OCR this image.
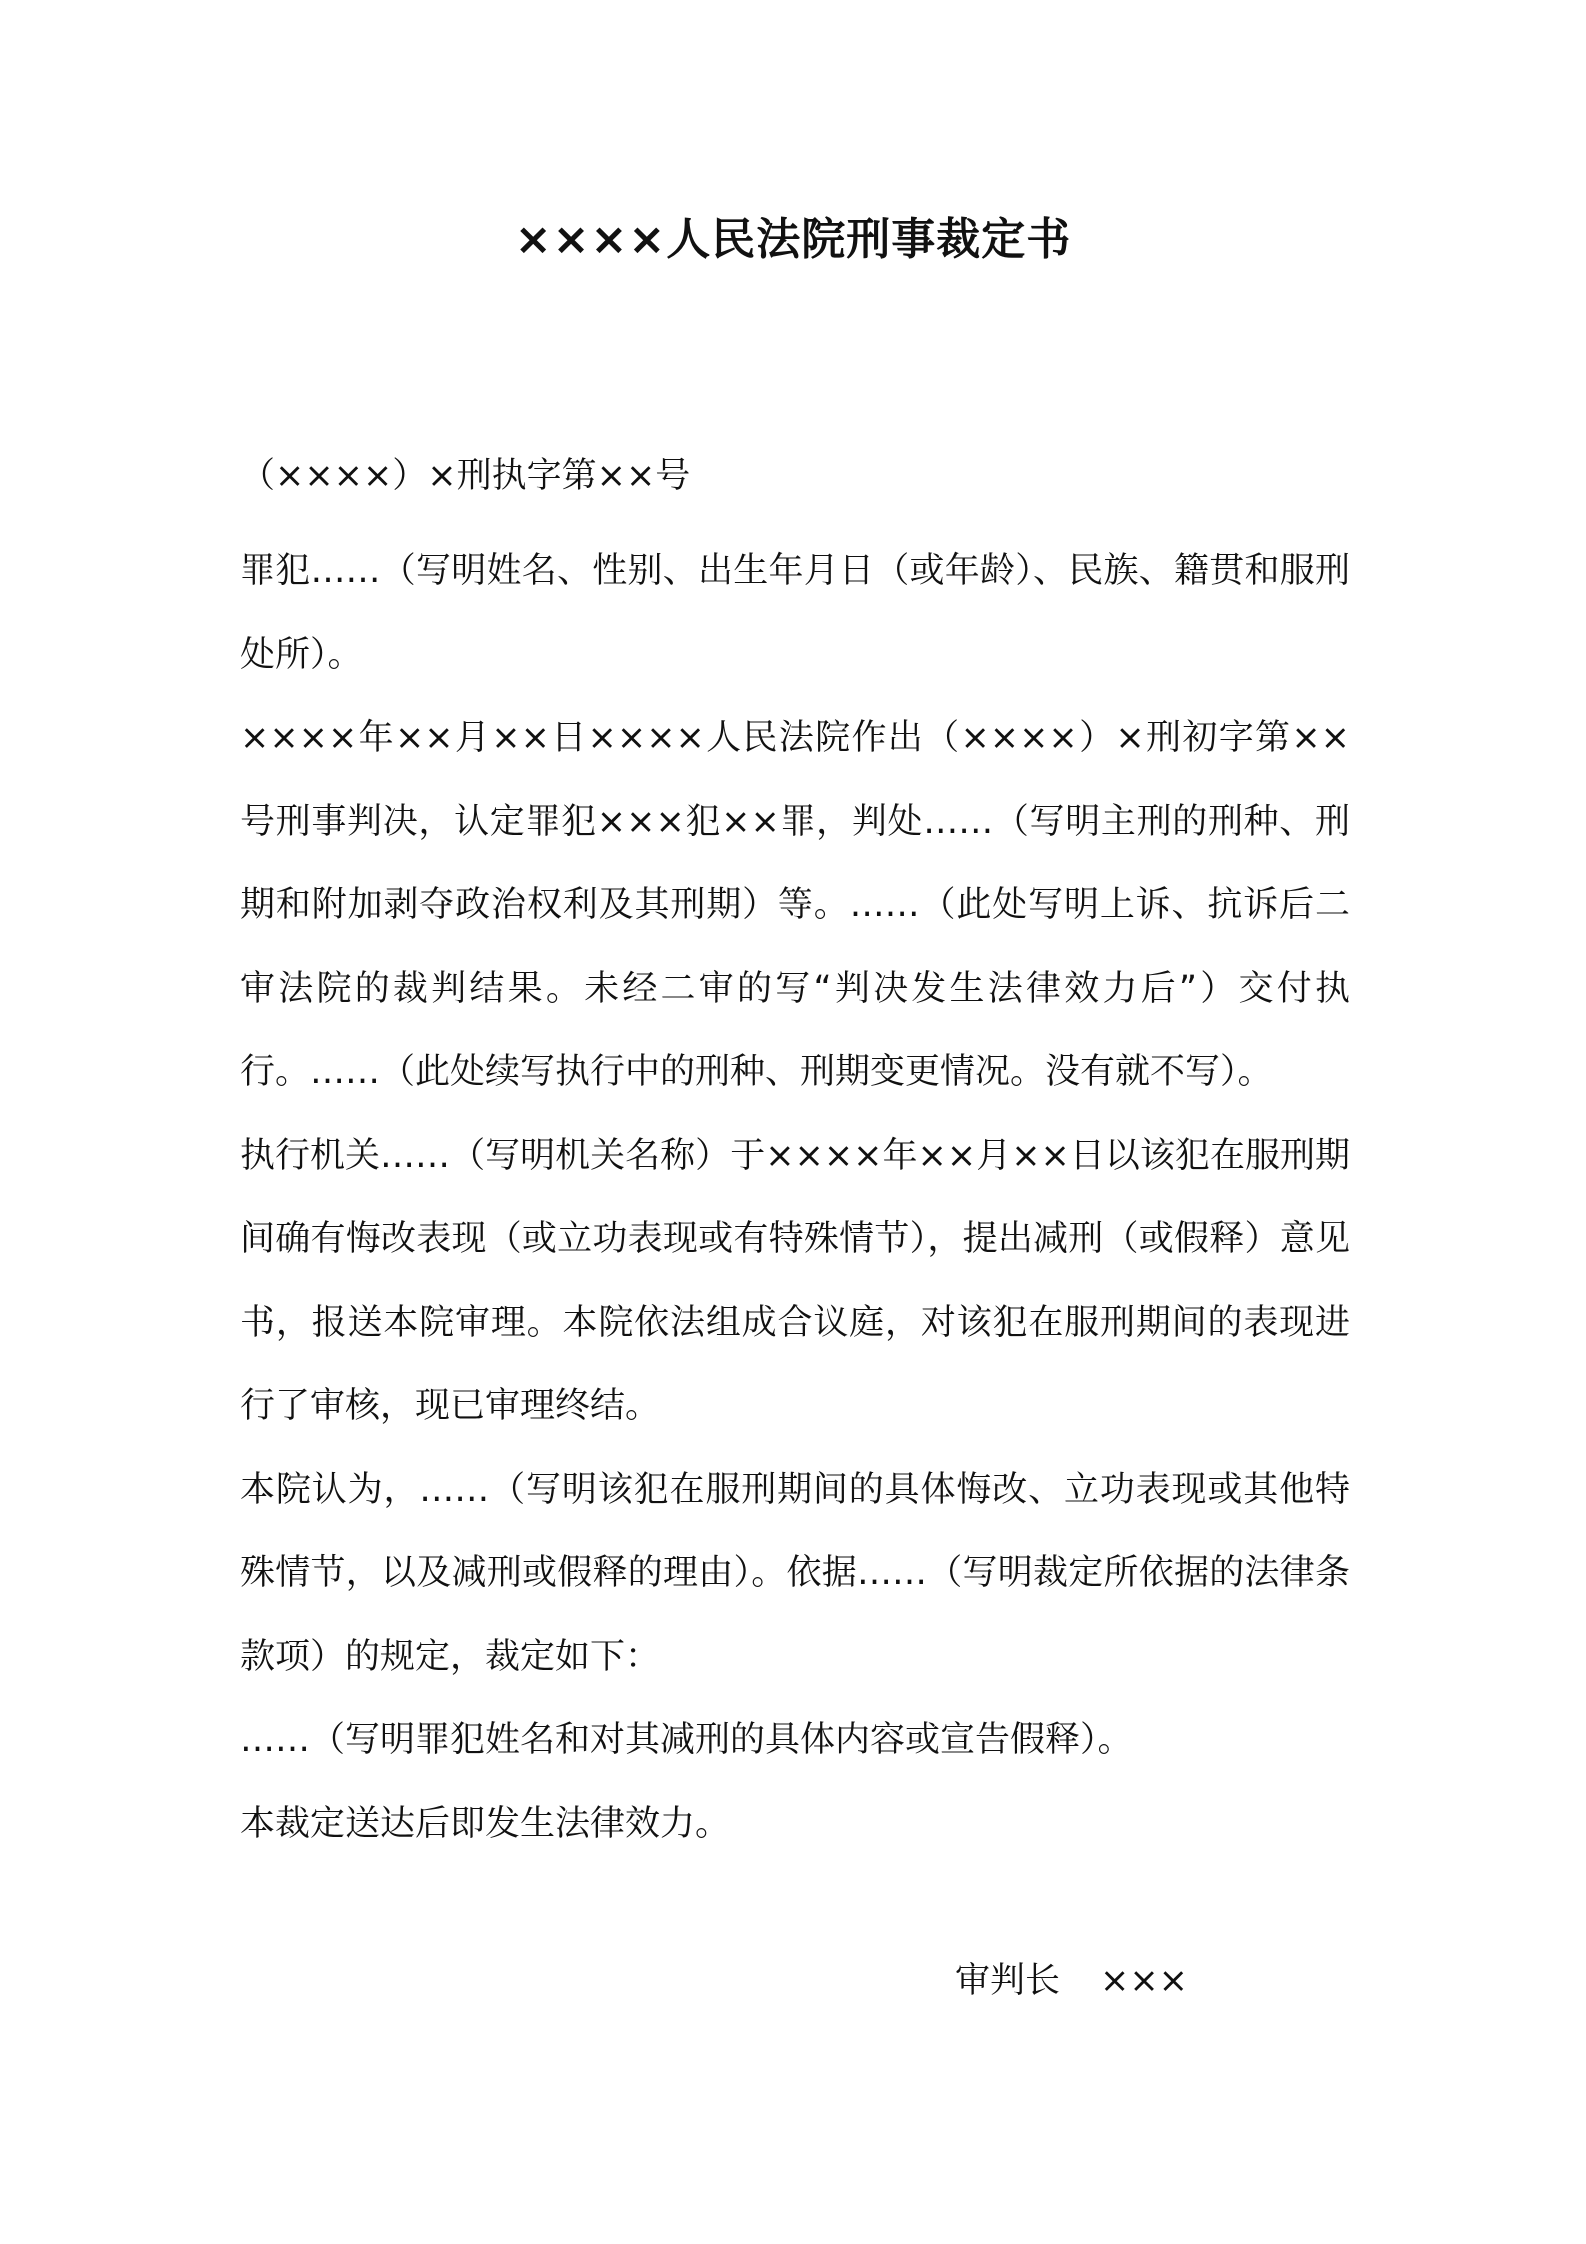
××××人民法院刑事裁定书

（××××）×刑执字第××号

罪犯……（写明姓名、性别、出生年月日（或年龄）、民族、籍贯和服刑处所）。

××××年××月××日××××人民法院作出（××××）×刑初字第××号刑事判决，认定罪犯×××犯××罪，判处……（写明主刑的刑种、刑期和附加剥夺政治权利及其刑期）等。……（此处写明上诉、抗诉后二审法院的裁判结果。未经二审的写“判决发生法律效力后”）交付执行。……（此处续写执行中的刑种、刑期变更情况。没有就不写）。

执行机关……（写明机关名称）于××××年××月××日以该犯在服刑期间确有悔改表现（或立功表现或有特殊情节），提出减刑（或假释）意见书，报送本院审理。本院依法组成合议庭，对该犯在服刑期间的表现进行了审核，现已审理终结。

本院认为，……（写明该犯在服刑期间的具体悔改、立功表现或其他特殊情节，以及减刑或假释的理由）。依据……（写明裁定所依据的法律条款项）的规定，裁定如下：

……（写明罪犯姓名和对其减刑的具体内容或宣告假释）。

本裁定送达后即发生法律效力。

审判长 ×××
